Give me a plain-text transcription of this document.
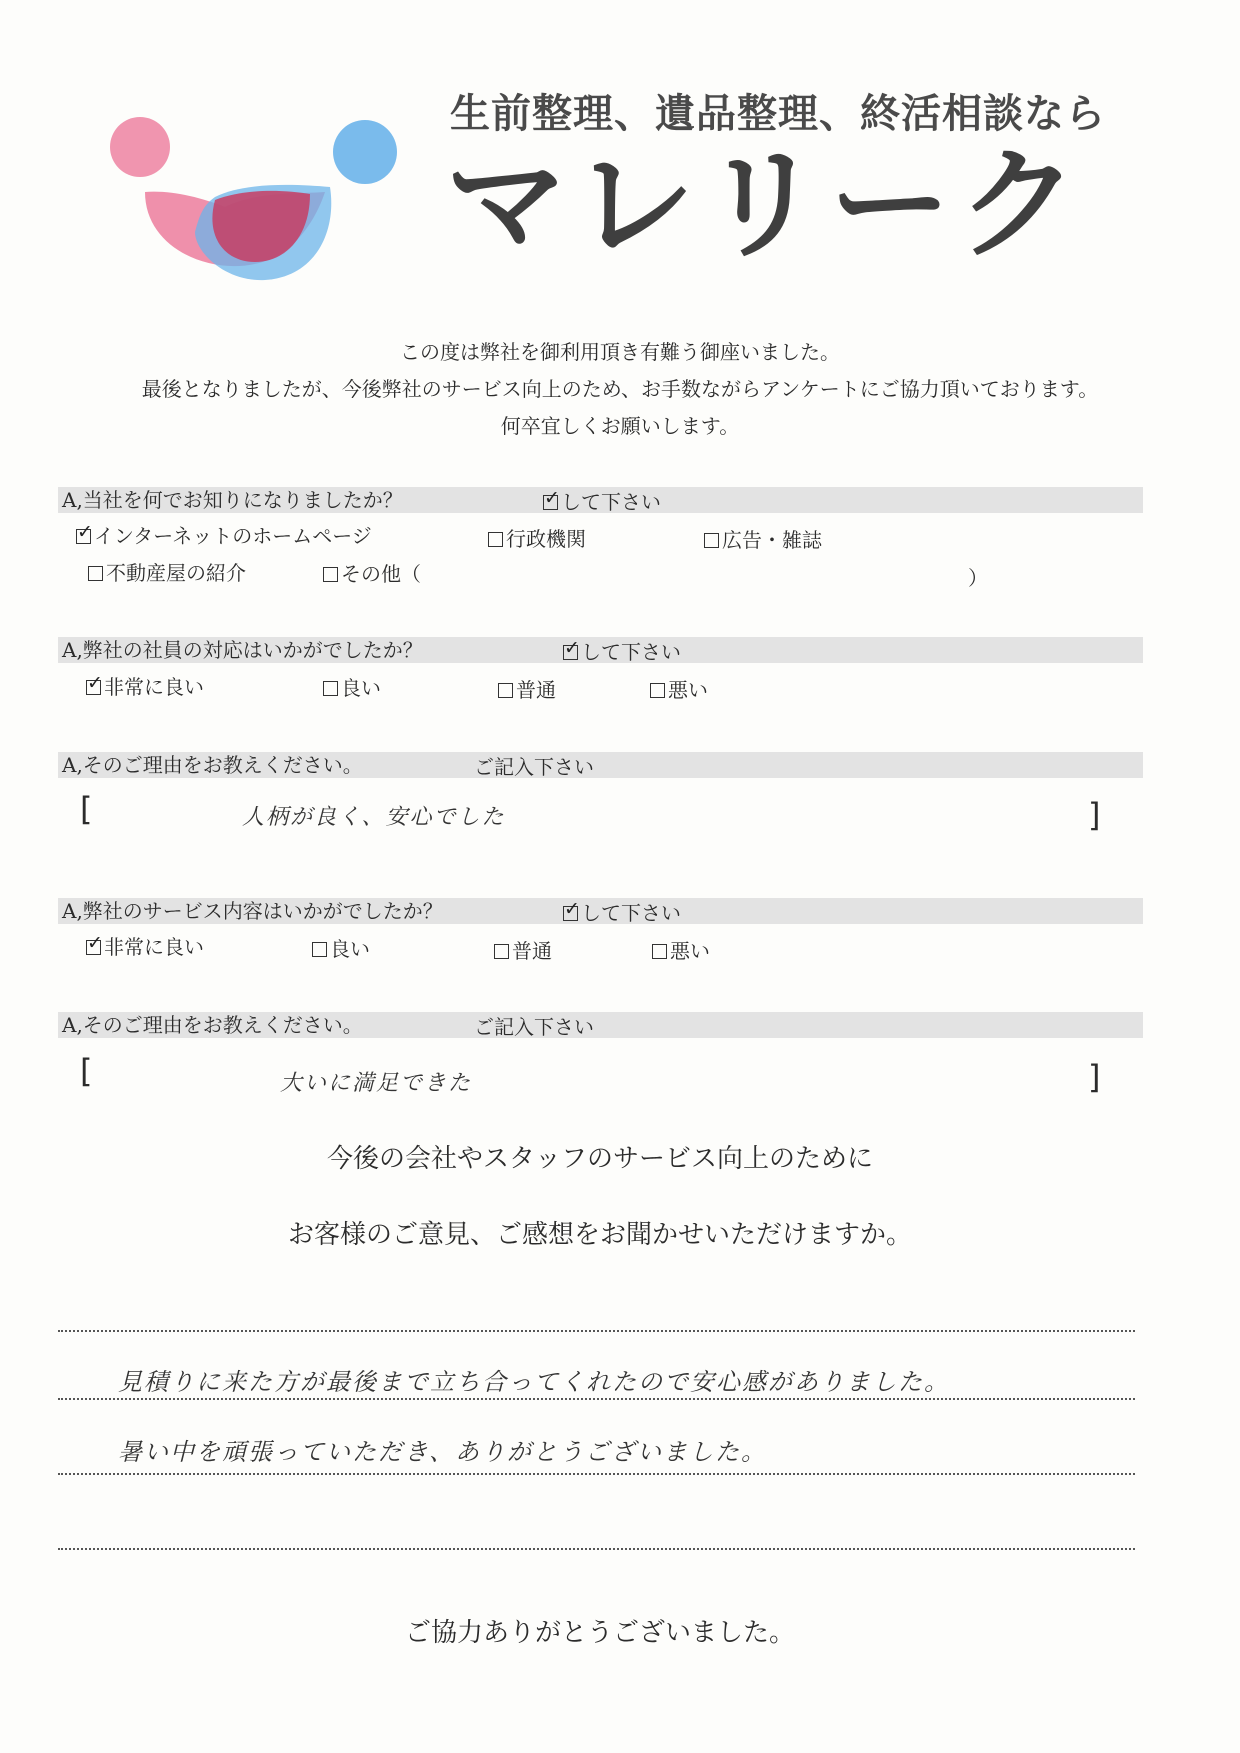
生前整理、遺品整理、終活相談なら
マレリーク
この度は弊社を御利用頂き有難う御座いました。
最後となりましたが、今後弊社のサービス向上のため、お手数ながらアンケートにご協力頂いております。
何卒宜しくお願いします。
A,当社を何でお知りになりましたか？ ✓	して下さい
✓インターネットのホームページ	行政機関	広告・雑誌
不動産屋の紹介	その他（	）
A,弊社の社員の対応はいかがでしたか？ ✓	して下さい
✓非常に良い	良い	普通	悪い
A,そのご理由をお教えください。	ご記入下さい
[	人柄が良く、安心でした	]
A,弊社のサービス内容はいかがでしたか？ ✓	して下さい
✓非常に良い	良い	普通	悪い
A,そのご理由をお教えください。	ご記入下さい
[	大いに満足できた	]
今後の会社やスタッフのサービス向上のために
お客様のご意見、ご感想をお聞かせいただけますか。
見積りに来た方が最後まで立ち合ってくれたので安心感がありました。
暑い中を頑張っていただき、ありがとうございました。
ご協力ありがとうございました。
